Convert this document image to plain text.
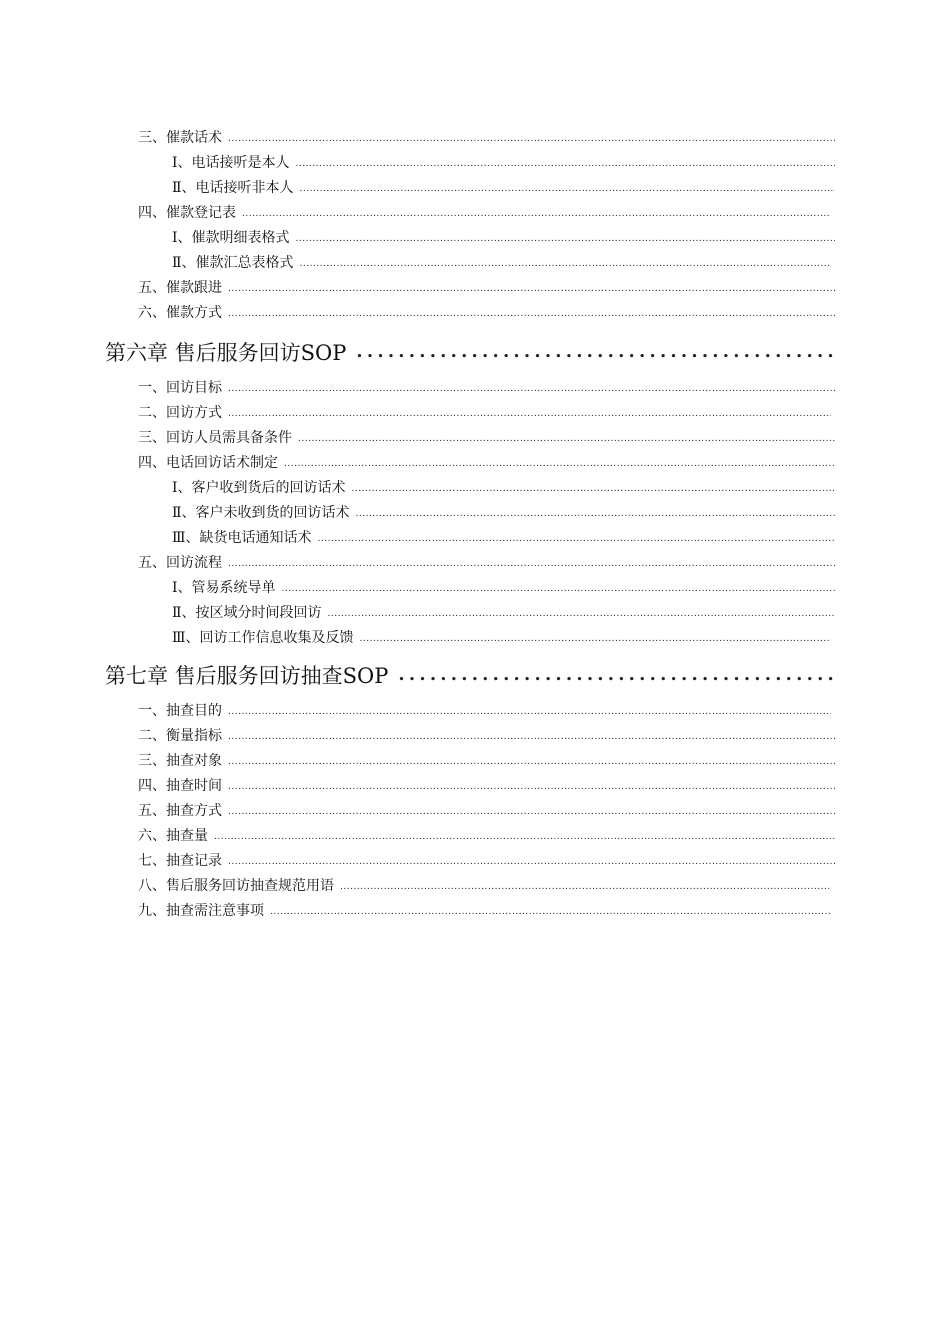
三、催款话术
.....
Ⅰ、电话接听是本人
.....
Ⅱ、电话接听非本人
.....
四、催款登记表
.....
Ⅰ、催款明细表格式
.....
Ⅱ、催款汇总表格式
.....
五、催款跟进
.....
六、催款方式
.....
第六章 售后服务回访SOP
.....
一、回访目标
.....
二、回访方式
.....
三、回访人员需具备条件
.....
四、电话回访话术制定
.....
Ⅰ、客户收到货后的回访话术
.....
Ⅱ、客户未收到货的回访话术
.....
Ⅲ、缺货电话通知话术
.....
五、回访流程
.....
Ⅰ、管易系统导单
.....
Ⅱ、按区域分时间段回访
.....
Ⅲ、回访工作信息收集及反馈
.....
第七章 售后服务回访抽查SOP
.....
一、抽查目的
.....
二、衡量指标
.....
三、抽查对象
.....
四、抽查时间
.....
五、抽查方式
.....
六、抽查量
.....
七、抽查记录
.....
八、售后服务回访抽查规范用语
.....
九、抽查需注意事项
.....
